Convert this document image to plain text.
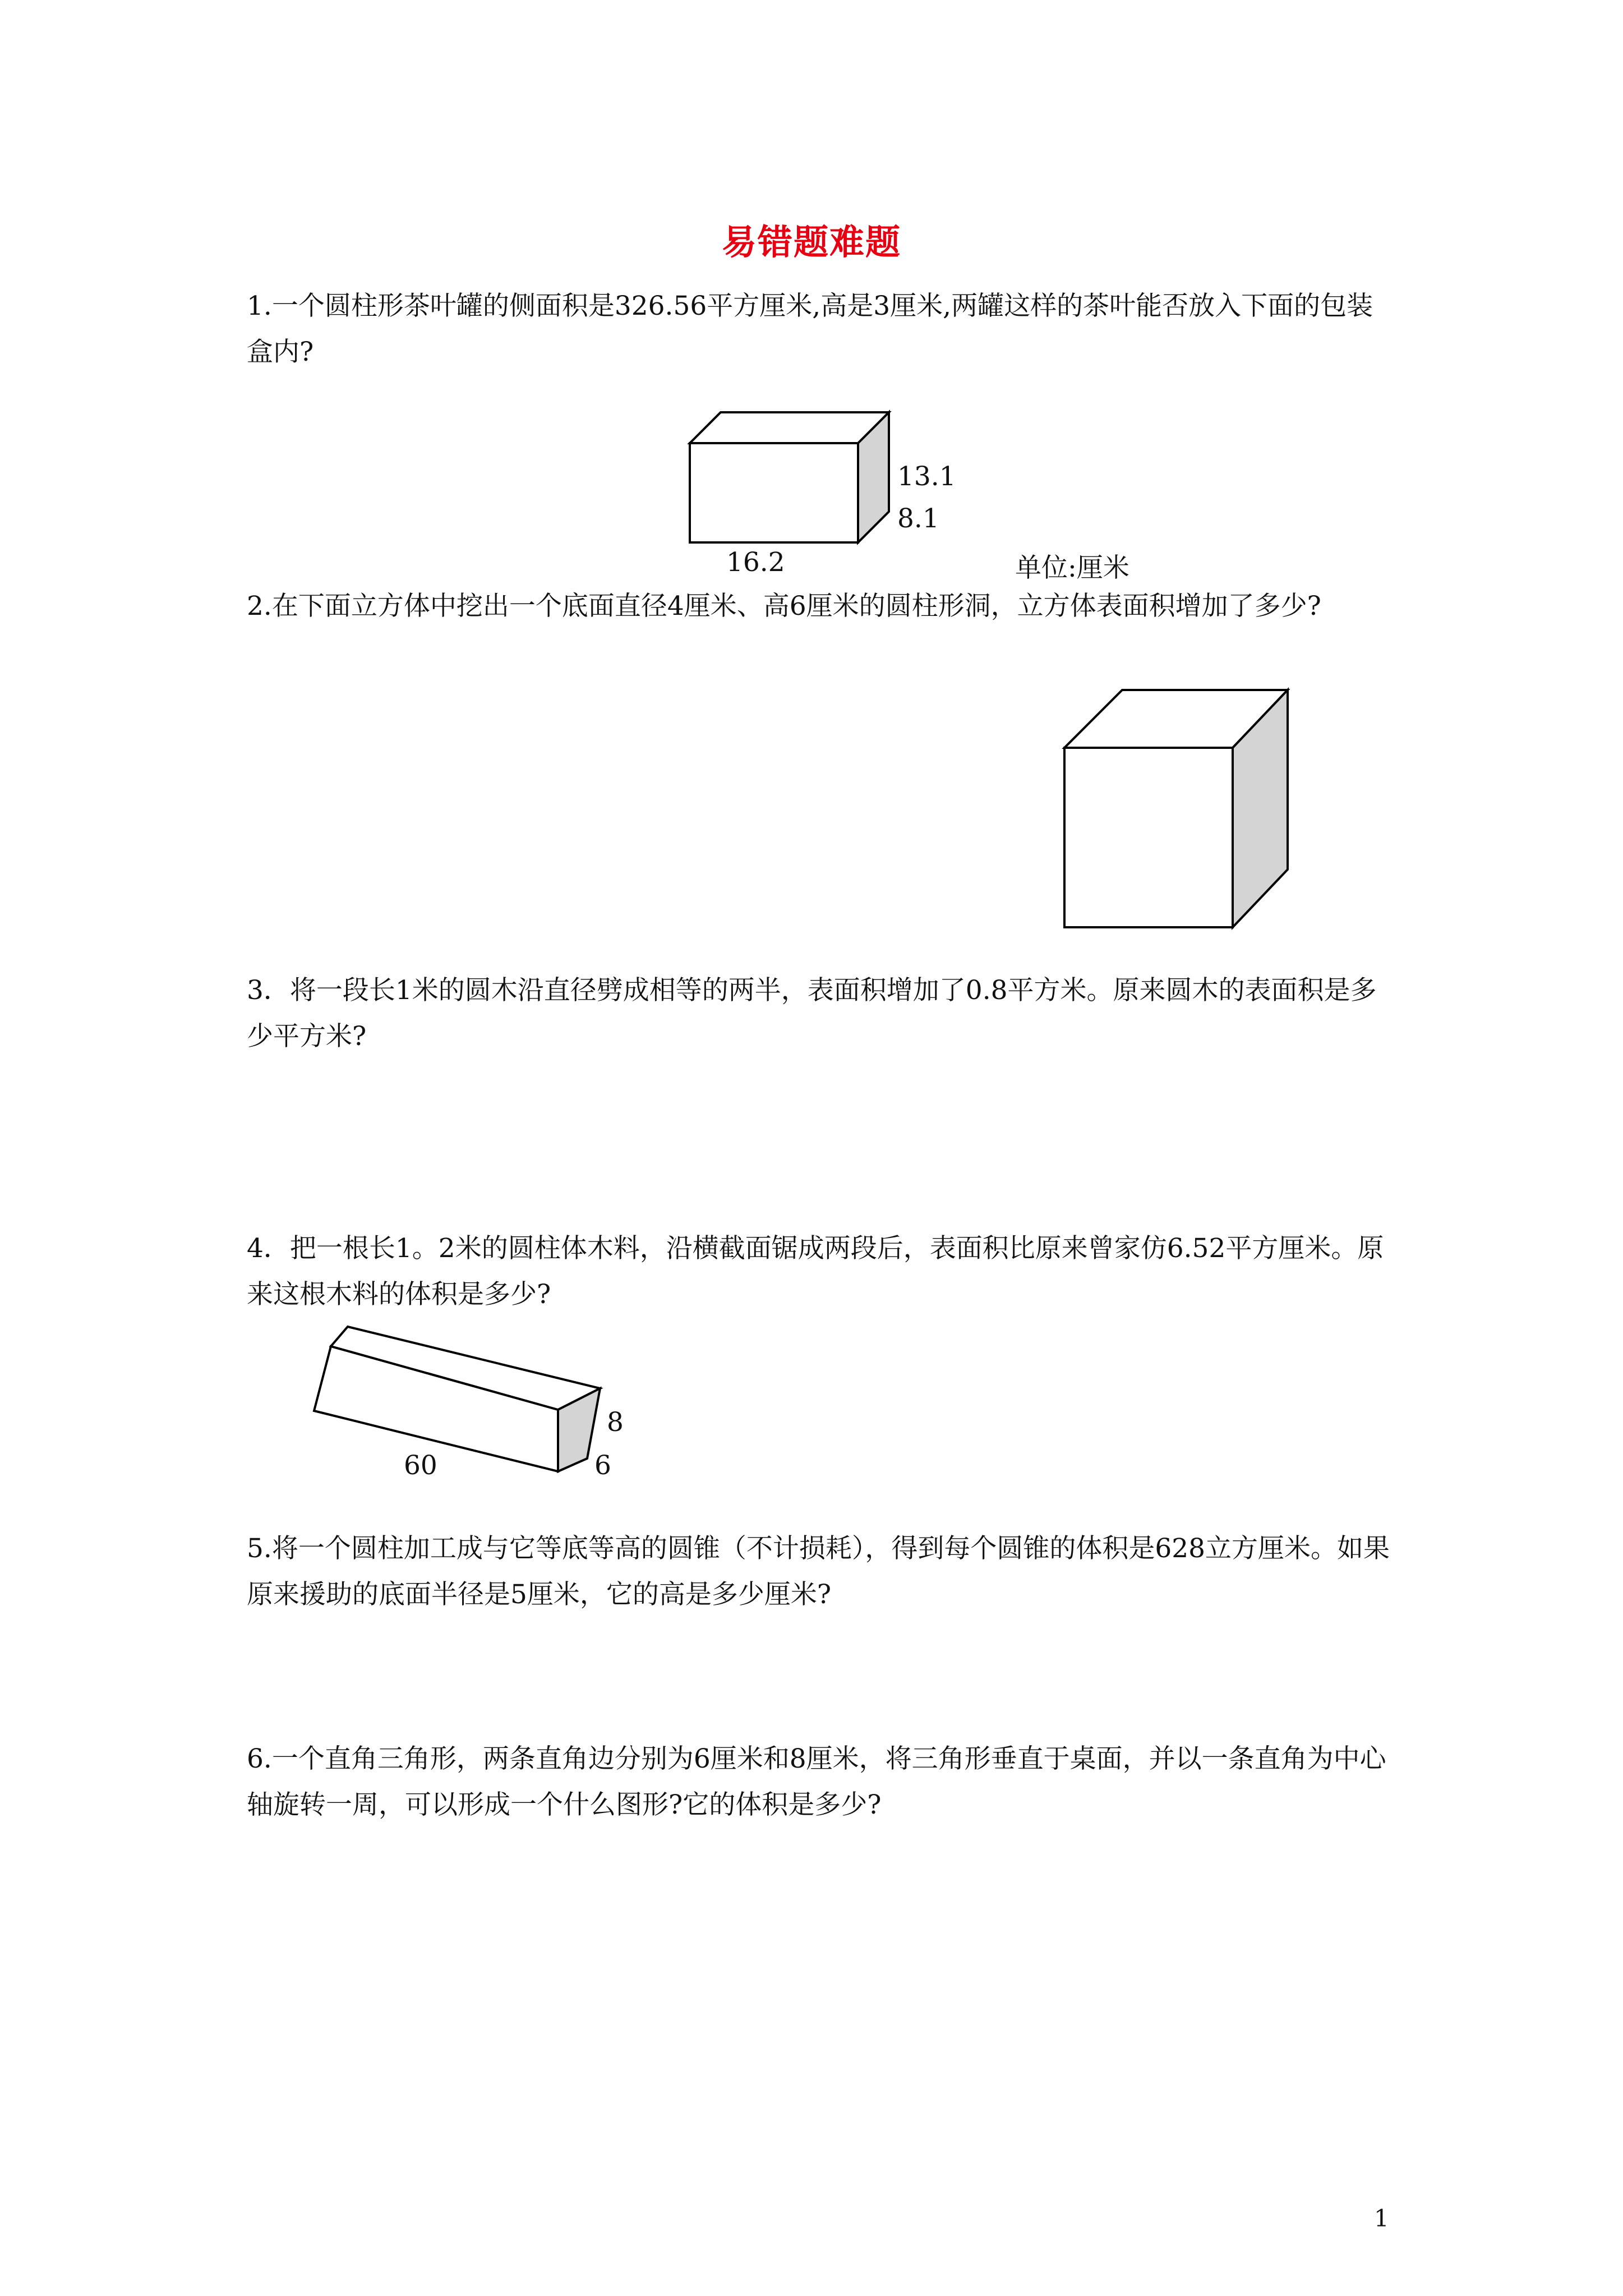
易错题难题
1.一个圆柱形茶叶罐的侧面积是326.56平方厘米,高是3厘米,两罐这样的茶叶能否放入下面的包装盒内?
13.1
8.1
16.2	单位:厘米
2.在下面立方体中挖出一个底面直径4厘米、高6厘米的圆柱形洞，立方体表面积增加了多少?
3．将一段长1米的圆木沿直径劈成相等的两半，表面积增加了0.8平方米。原来圆木的表面积是多少平方米?
4．把一根长1。2米的圆柱体木料，沿横截面锯成两段后，表面积比原来曾家仿6.52平方厘米。原来这根木料的体积是多少?
8
6
60
5.将一个圆柱加工成与它等底等高的圆锥（不计损耗），得到每个圆锥的体积是628立方厘米。如果原来援助的底面半径是5厘米，它的高是多少厘米?
6.一个直角三角形，两条直角边分别为6厘米和8厘米，将三角形垂直于桌面，并以一条直角为中心轴旋转一周，可以形成一个什么图形?它的体积是多少?
1
